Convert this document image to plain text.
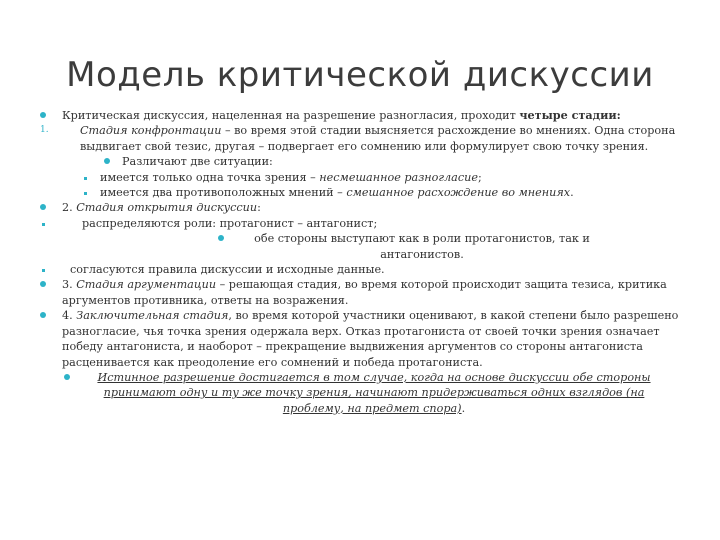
Модель критической дискуссии
Критическая дискуссия, нацеленная на разрешение разногласия, проходит четыре стадии:
1.	Стадия конфронтации – во время этой стадии выясняется расхождение во мнениях. Одна сторона выдвигает свой тезис, другая – подвергает его сомнению или формулирует свою точку зрения.
Различают две ситуации:
имеется только одна точка зрения – несмешанное разногласие;
имеется два противоположных мнений – смешанное расхождение во мнениях.
2. Стадия открытия дискуссии:
распределяются роли: протагонист – антагонист;
обе стороны выступают как в роли протагонистов, так и антагонистов.
согласуются правила дискуссии и исходные данные.
3. Стадия аргументации – решающая стадия, во время которой происходит защита тезиса, критика аргументов противника, ответы на возражения.
4. Заключительная стадия, во время которой участники оценивают, в какой степени было разрешено разногласие, чья точка зрения одержала верх. Отказ протагониста от своей точки зрения означает победу антагониста, и наоборот – прекращение выдвижения аргументов со стороны антагониста расценивается как преодоление его сомнений и победа протагониста.
Истинное разрешение достигается в том случае, когда на основе дискуссии обе стороны принимают одну и ту же точку зрения, начинают придерживаться одних взглядов (на проблему, на предмет спора).
